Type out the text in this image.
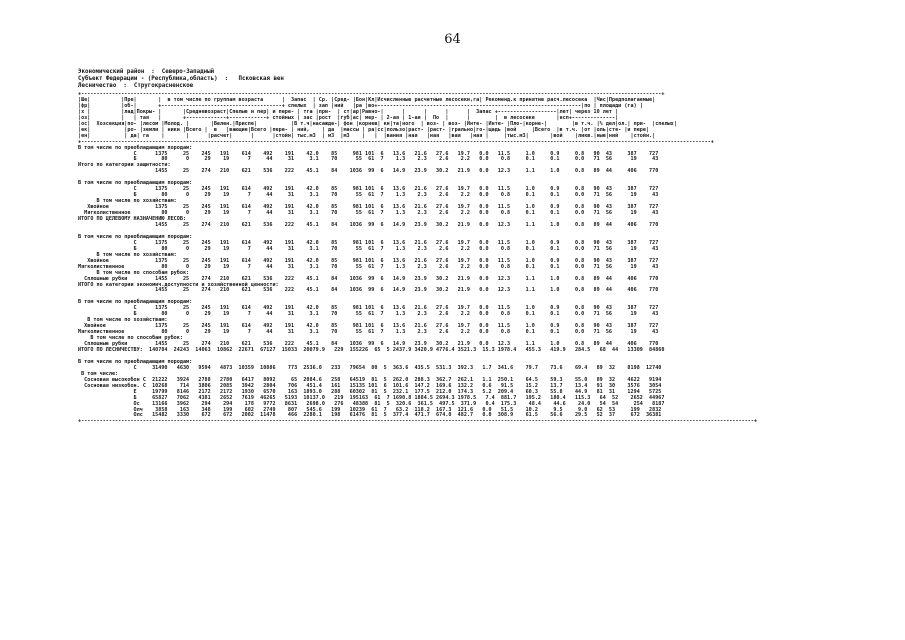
64
Экономический район  :  Северо-Западный
Субъект Федерации - (Республика,область)  :   Псковская вен
Лесничество  :  Стругокрасненское
+--------------------------------------------------------------------------------------------------------------------------------------------------------------------------------------------+
|Ше|          |Пре|       |  в том числе по группам возраста      |  Запас  | Ср. |Сред- |Бон|Кл|Исчисленные расчетные лесосеки,га| Рекоменд.к принятию расч.лесосека  |Чис|Предполагаемые|
|фр|          |об-|       +---------------------------------------+ спелых  | зап |ний   |ра |во+------------------------------------------------------------------|по | площади (га) |
|х |          |лад|Покры- |       |Средневозраст|Спелые и пер| и пере- | тга |при-  | ст|ар|Равно-|      |      |      |      |  Запас +-------------------|лет| через 10 лет |
|оз|          |   | тая   |       +-------------+------------+ стойных | зас |рост  |губ|ас| мер- | 2-ая | 1-ая |  По  |      |        |  в лесосеке       |нсп+--------------|
|ос|  Хозсекция|по- |лесом |Молод. |       |Велен.|Приспе|           |В т.ч|насажде-| фон |корнев| кн|та|ного  | воз- | воз- |Инте- |Инте- |Пло-|корне-|        |в т.ч. |% дел|ол.| при-  |спелых|
|ек|           |ро- |земли | ники |Всего |  в   |вающие|Всего |пере- | ний,    | да  |массы | ра|сс|пользо|раст- |раст- |грально|го-|щадь |вой     |Всего  |в т.ч. |от |оль|сте- |и пере|
|ен|           | да| га    |       |      |расчет|      |      |стойн| тыс.м3  | м3  |м3    |   |  |вания |ная   |ная   |вая   |ная |     |тыс.м3|       |вой    |ликв.|ные|ний    |стойн.|
+------------------------------------------------------------------------------------------------------------------------------------------------------------------------------------------------------------+
В том числе по преобладающим породам:
С      1375     25    245   191    614    492    191    42.0    85     981 101  6   13.6   21.6   27.6   19.7   0.0   11.5     1.0     0.9     0.8   90  43     387    727
Б        80      0     29    19      7     44     31     3.1    70      55  61  7    1.3    2.3    2.6    2.2   0.0    0.8     0.1     0.1     0.0   71  56      19     43
Итого по категории защитности:
1455     25    274   210    621    536    222    45.1    84    1036  99  6   14.9   23.9   30.2   21.9   0.0   12.3     1.1     1.0     0.8   89  44     406    770

В том числе по преобладающим породам:
С      1375     25    245   191    614    492    191    42.0    85     981 101  6   13.6   21.6   27.6   19.7   0.0   11.5     1.0     0.9     0.8   90  43     387    727
Б        80      0     29    19      7     44     31     3.1    70      55  61  7    1.3    2.3    2.6    2.2   0.0    0.8     0.1     0.1     0.0   71  56      19     43
В том числе по хозяйствам:
Хвойное               1375     25    245   191    614    492    191    42.0    85     981 101  6   13.6   21.6   27.6   19.7   0.0   11.5     1.0     0.9     0.8   90  43     387    727
Мягколиственное          80      0     29    19      7     44     31     3.1    70      55  61  7    1.3    2.3    2.6    2.2   0.0    0.8     0.1     0.1     0.0   71  56      19     43
ИТОГО ПО ЦЕЛЕВОМУ НАЗНАЧЕНИЮ ЛЕСОВ:
1455     25    274   210    621    536    222    45.1    84    1036  99  6   14.9   23.9   30.2   21.9   0.0   12.3     1.1     1.0     0.8   89  44     406    770

В том числе по преобладающим породам:
С      1375     25    245   191    614    492    191    42.0    85     981 101  6   13.6   21.6   27.6   19.7   0.0   11.5     1.0     0.9     0.8   90  43     387    727
Б        80      0     29    19      7     44     31     3.1    70      55  61  7    1.3    2.3    2.6    2.2   0.0    0.8     0.1     0.1     0.0   71  56      19     43
В том числе по хозяйствам:
Хвойное               1375     25    245   191    614    492    191    42.0    85     981 101  6   13.6   21.6   27.6   19.7   0.0   11.5     1.0     0.9     0.8   90  43     387    727
Мягколиственное            80      0     29    19      7     44     31     3.1    70      55  61  7    1.3    2.3    2.6    2.2   0.0    0.8     0.1     0.1     0.0   71  56      19     43
В том числе по способам рубок:
Сплошные рубки         1455     25    274   210    621    536    222    45.1    84    1036  99  6   14.9   23.9   30.2   21.9   0.0   12.3     1.1     1.0     0.8   89  44     406    770
ИТОГО по категории экономич.доступности и хозяйственной ценности:
1455     25    274   210    621    536    222    45.1    84    1036  99  6   14.9   23.9   30.2   21.9   0.0   12.3     1.1     1.0     0.8   89  44     406    770

В том числе по преобладающим породам:
С      1375     25    245   191    614    492    191    42.0    85     981 101  6   13.6   21.6   27.6   19.7   0.0   11.5     1.0     0.9     0.8   90  43     387    727
Б        80      0     29    19      7     44     31     3.1    70      55  61  7    1.3    2.3    2.6    2.2   0.0    0.8     0.1     0.1     0.0   71  56      19     43
В том числе по хозяйствам:
Хвойное                1375     25    245   191    614    492    191    42.0    85     981 101  6   13.6   21.6   27.6   19.7   0.0   11.5     1.0     0.9     0.8   90  43     387    727
Мягколиственное            80      0     29    19      7     44     31     3.1    70      55  61  7    1.3    2.3    2.6    2.2   0.0    0.8     0.1     0.1     0.0   71  56      19     43
В том числе по способам рубок:
Сплошные рубки         1455     25    274   210    621    536    222    45.1    84    1036  99  6   14.9   23.9   30.2   21.9   0.0   12.3     1.1     1.0     0.8   89  44     406    770
ИТОГО ПО ЛЕСНИЧЕСТВУ:  140704  24243  14063  10862  22671  67127  15033  20079.9   229  155226  65  5 2437.9 3420.9 4776.4 3521.3  15.3 1978.4   455.3   419.9   284.5   68  44   13309  84860

В том числе по преобладающим породам:
С     31490   4630   9594   4873  10359  10886    773  2536.0   233   79654  80  5  363.6  435.5  531.3  392.3   1.7  341.6    79.7    73.6    69.4   89  32    8198  12740
В том числе:
Сосновая высокобон С  21222   3924   2788   2780   6417   8092     65  2084.6   258   64519  81  5  262.0  288.3  362.7  262.1   1.1  250.1    64.5    59.3    55.0   89  32    4622   9194
Сосновая низкобон. С  10268    714   3806   2085   3942   2804    706   451.4   161   15135 101  6  101.6  147.2  169.6  132.2   0.6   91.5    15.2    13.7    13.4   91  30    3576   3054
Е     19799   8146   2172   2172   1930   6570    163  1893.0   288   60302  81  5  232.1  177.5  212.0  174.3   5.2  209.4    60.3    55.8    44.9   81  31    1294   5725
Б     65827   7062   4381   2652   7619  46265   5193  10137.0   219  195163  61  7 1690.8 1884.5 2694.3 1978.5   7.4  881.7   195.2   180.4   115.3   64  52    2652  44967
Ос    13166   3962    294    294    178   9772   8631   2698.0   276   48388  81  5  320.6  361.5  497.5  371.9   0.4  175.3    48.4    44.6    24.0   54  54     254   8187
Олч    3858    163    348    199    602   2749    807   545.6   199   10239  61  7   63.2  118.2  167.3  121.6   0.0   51.5    10.2     9.5     9.0   62  53     199   2832
Олс   15482   3330    672    672   2002  11478    466  2280.1   198   61476  81  5  377.4  471.7  674.0  482.7   0.0  308.9    61.5    56.6    29.5   52  37     672  36381
+--------------------------------------------------------------------------------------------------------------------------------------------------------------------------------------------------------------------------+
